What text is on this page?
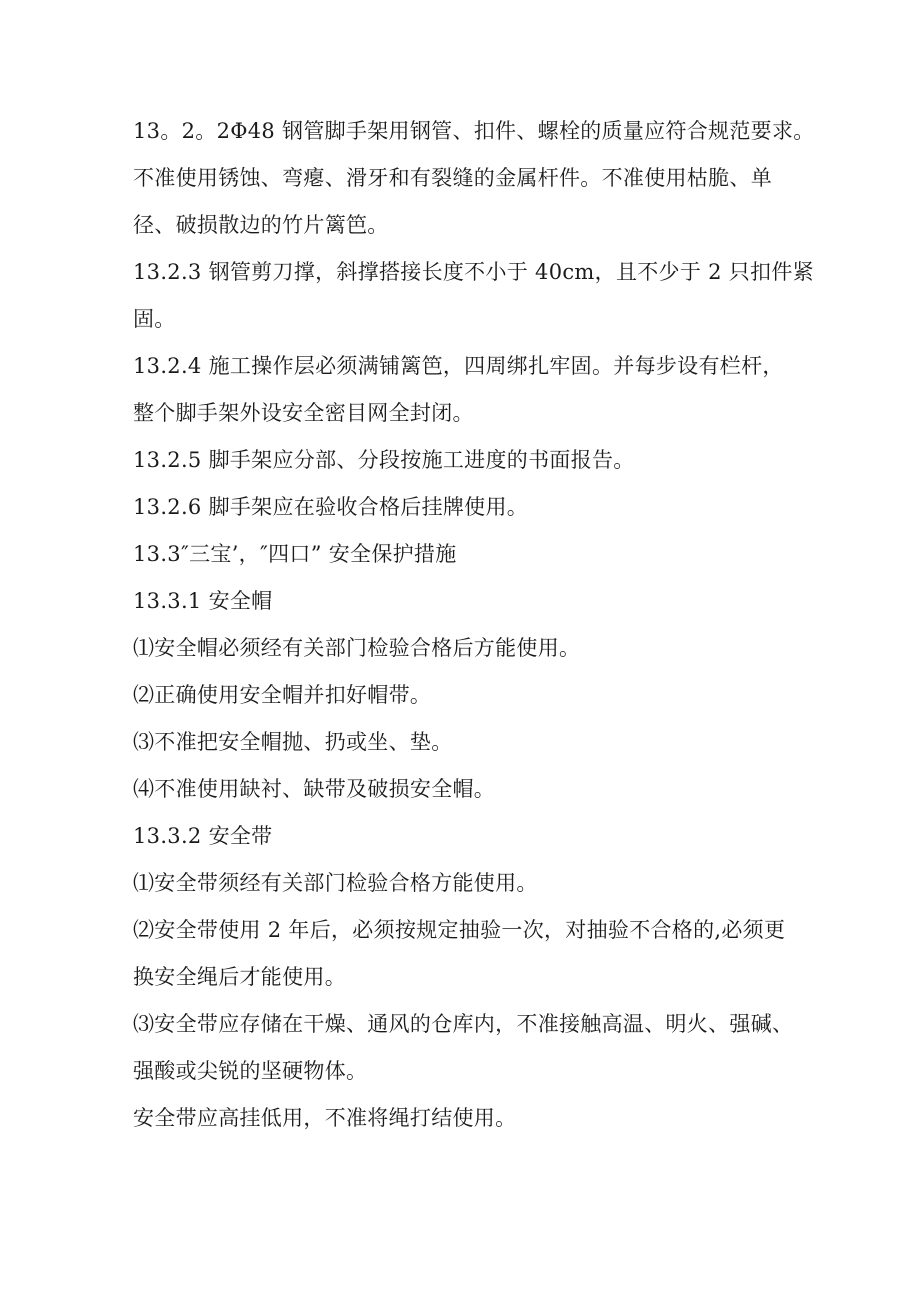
13。2。2Φ48 钢管脚手架用钢管、扣件、螺栓的质量应符合规范要求。

不准使用锈蚀、弯瘪、滑牙和有裂缝的金属杆件。不准使用枯脆、单

径、破损散边的竹片篱笆。

13.2.3 钢管剪刀撑，斜撑搭接长度不小于 40cm，且不少于 2 只扣件紧

固。

13.2.4 施工操作层必须满铺篱笆，四周绑扎牢固。并每步设有栏杆，

整个脚手架外设安全密目网全封闭。

13.2.5 脚手架应分部、分段按施工进度的书面报告。

13.2.6 脚手架应在验收合格后挂牌使用。

13.3″三宝’，″四口” 安全保护措施

13.3.1 安全帽

⑴安全帽必须经有关部门检验合格后方能使用。

⑵正确使用安全帽并扣好帽带。

⑶不准把安全帽抛、扔或坐、垫。

⑷不准使用缺衬、缺带及破损安全帽。

13.3.2 安全带

⑴安全带须经有关部门检验合格方能使用。

⑵安全带使用 2 年后，必须按规定抽验一次，对抽验不合格的,必须更

换安全绳后才能使用。

⑶安全带应存储在干燥、通风的仓库内，不准接触高温、明火、强碱、

强酸或尖锐的坚硬物体。

安全带应高挂低用，不准将绳打结使用。
